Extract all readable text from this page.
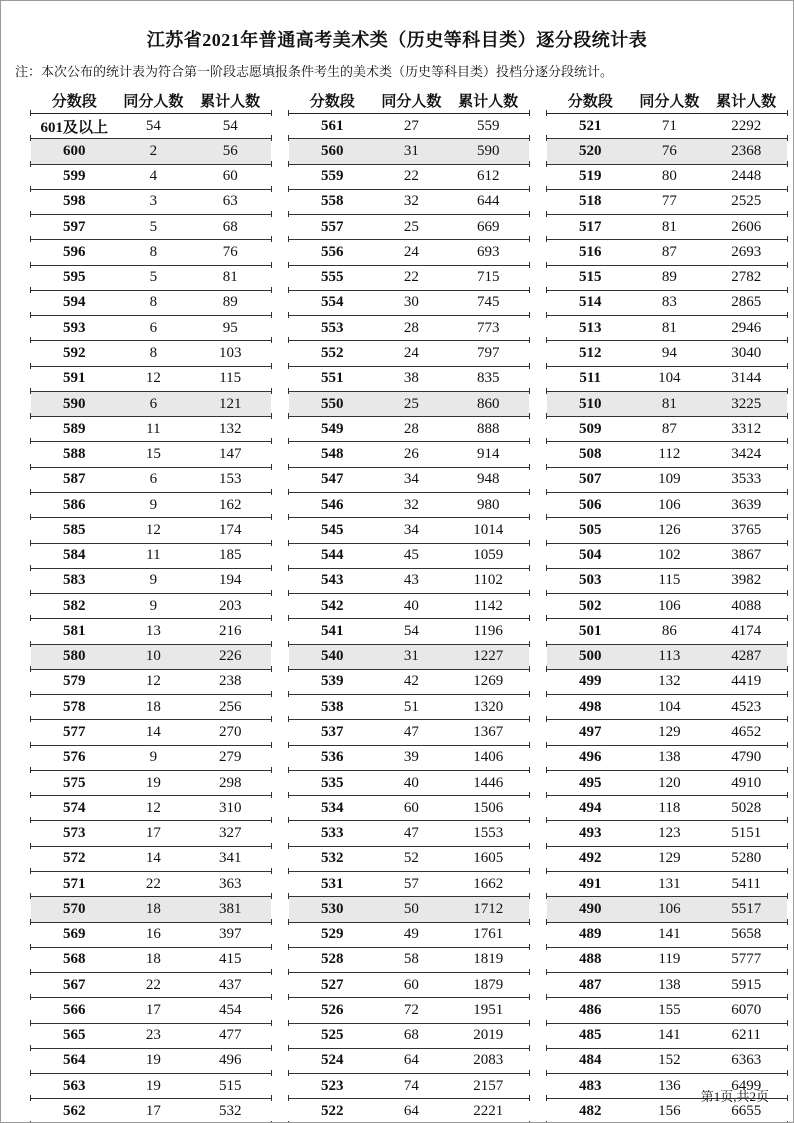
江苏省2021年普通高考美术类（历史等科目类）逐分段统计表

注：本次公布的统计表为符合第一阶段志愿填报条件考生的美术类（历史等科目类）投档分逐分段统计。

分数段	同分人数	累计人数
601及以上	54	54
600	2	56
599	4	60
598	3	63
597	5	68
596	8	76
595	5	81
594	8	89
593	6	95
592	8	103
591	12	115
590	6	121
589	11	132
588	15	147
587	6	153
586	9	162
585	12	174
584	11	185
583	9	194
582	9	203
581	13	216
580	10	226
579	12	238
578	18	256
577	14	270
576	9	279
575	19	298
574	12	310
573	17	327
572	14	341
571	22	363
570	18	381
569	16	397
568	18	415
567	22	437
566	17	454
565	23	477
564	19	496
563	19	515
562	17	532
分数段	同分人数	累计人数
561	27	559
560	31	590
559	22	612
558	32	644
557	25	669
556	24	693
555	22	715
554	30	745
553	28	773
552	24	797
551	38	835
550	25	860
549	28	888
548	26	914
547	34	948
546	32	980
545	34	1014
544	45	1059
543	43	1102
542	40	1142
541	54	1196
540	31	1227
539	42	1269
538	51	1320
537	47	1367
536	39	1406
535	40	1446
534	60	1506
533	47	1553
532	52	1605
531	57	1662
530	50	1712
529	49	1761
528	58	1819
527	60	1879
526	72	1951
525	68	2019
524	64	2083
523	74	2157
522	64	2221
分数段	同分人数	累计人数
521	71	2292
520	76	2368
519	80	2448
518	77	2525
517	81	2606
516	87	2693
515	89	2782
514	83	2865
513	81	2946
512	94	3040
511	104	3144
510	81	3225
509	87	3312
508	112	3424
507	109	3533
506	106	3639
505	126	3765
504	102	3867
503	115	3982
502	106	4088
501	86	4174
500	113	4287
499	132	4419
498	104	4523
497	129	4652
496	138	4790
495	120	4910
494	118	5028
493	123	5151
492	129	5280
491	131	5411
490	106	5517
489	141	5658
488	119	5777
487	138	5915
486	155	6070
485	141	6211
484	152	6363
483	136	6499
482	156	6655
第1页,共2页
